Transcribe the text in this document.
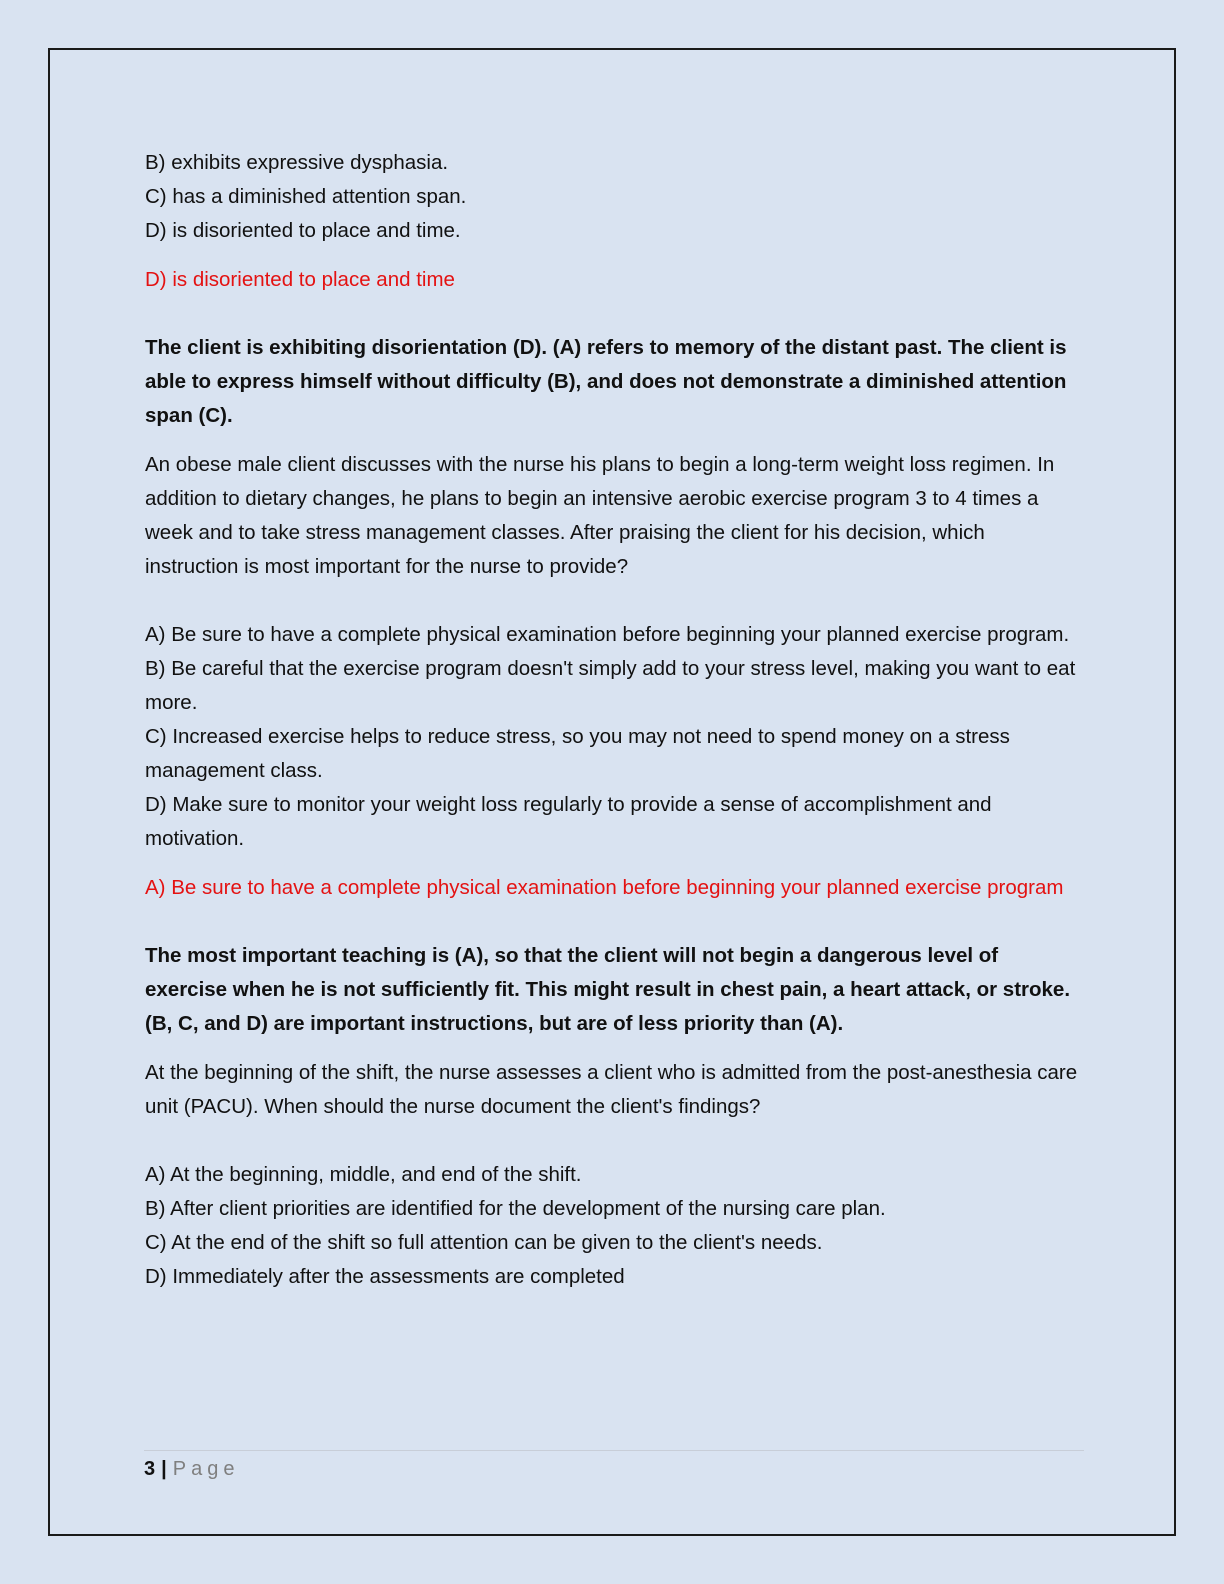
B) exhibits expressive dysphasia.

C) has a diminished attention span.

D) is disoriented to place and time.

D) is disoriented to place and time

The client is exhibiting disorientation (D). (A) refers to memory of the distant past. The client is able to express himself without difficulty (B), and does not demonstrate a diminished attention span (C).

An obese male client discusses with the nurse his plans to begin a long-term weight loss regimen. In addition to dietary changes, he plans to begin an intensive aerobic exercise program 3 to 4 times a week and to take stress management classes. After praising the client for his decision, which instruction is most important for the nurse to provide?

A) Be sure to have a complete physical examination before beginning your planned exercise program.

B) Be careful that the exercise program doesn't simply add to your stress level, making you want to eat more.

C) Increased exercise helps to reduce stress, so you may not need to spend money on a stress management class.

D) Make sure to monitor your weight loss regularly to provide a sense of accomplishment and motivation.

A) Be sure to have a complete physical examination before beginning your planned exercise program

The most important teaching is (A), so that the client will not begin a dangerous level of exercise when he is not sufficiently fit. This might result in chest pain, a heart attack, or stroke. (B, C, and D) are important instructions, but are of less priority than (A).

At the beginning of the shift, the nurse assesses a client who is admitted from the post-anesthesia care unit (PACU). When should the nurse document the client's findings?

A) At the beginning, middle, and end of the shift.

B) After client priorities are identified for the development of the nursing care plan.

C) At the end of the shift so full attention can be given to the client's needs.

D) Immediately after the assessments are completed

3 | Page
